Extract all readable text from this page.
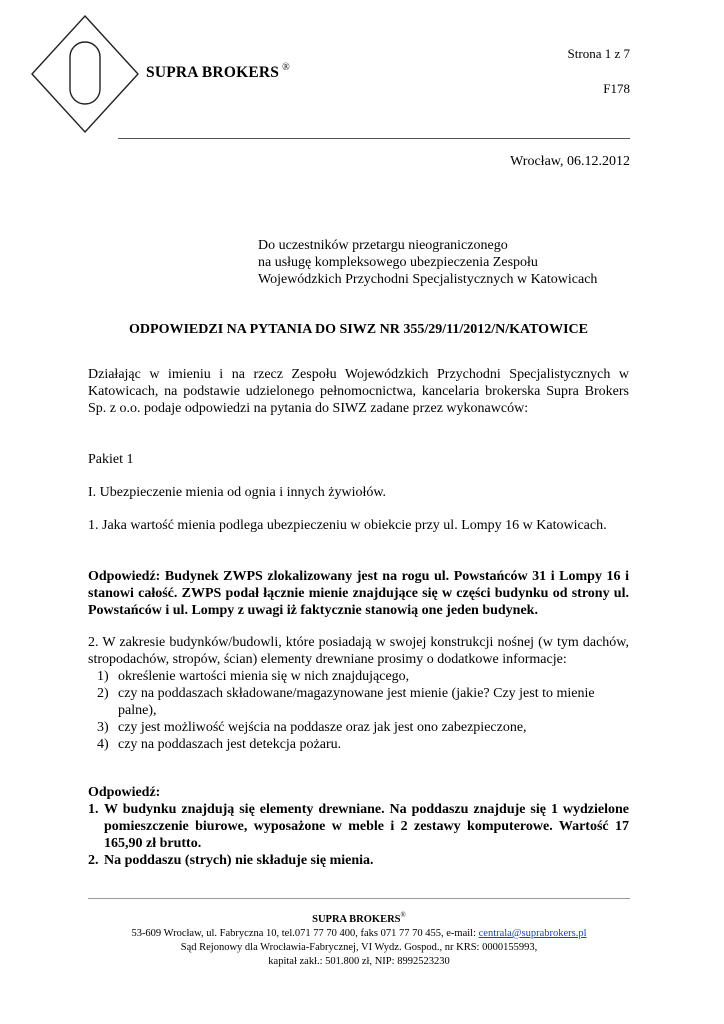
SUPRA BROKERS ®
Strona 1 z 7
F178
Wrocław, 06.12.2012
Do uczestników przetargu nieograniczonego
na usługę kompleksowego ubezpieczenia Zespołu
Wojewódzkich Przychodni Specjalistycznych w Katowicach
ODPOWIEDZI NA PYTANIA DO SIWZ NR 355/29/11/2012/N/KATOWICE
Działając w imieniu i na rzecz Zespołu Wojewódzkich Przychodni Specjalistycznych w Katowicach, na podstawie udzielonego pełnomocnictwa, kancelaria brokerska Supra Brokers Sp. z o.o. podaje odpowiedzi na pytania do SIWZ zadane przez wykonawców:
Pakiet 1
I. Ubezpieczenie mienia od ognia i innych żywiołów.
1. Jaka wartość mienia podlega ubezpieczeniu w obiekcie przy ul. Lompy 16 w Katowicach.
Odpowiedź: Budynek ZWPS zlokalizowany jest na rogu ul. Powstańców 31 i Lompy 16 i stanowi całość. ZWPS podał łącznie mienie znajdujące się w części budynku od strony ul. Powstańców i ul. Lompy z uwagi iż faktycznie stanowią one jeden budynek.
2. W zakresie budynków/budowli, które posiadają w swojej konstrukcji nośnej (w tym dachów, stropodachów, stropów, ścian) elementy drewniane prosimy o dodatkowe informacje:
1) określenie wartości mienia się w nich znajdującego,
2) czy na poddaszach składowane/magazynowane jest mienie (jakie? Czy jest to mienie palne),
3) czy jest możliwość wejścia na poddasze oraz jak jest ono zabezpieczone,
4) czy na poddaszach jest detekcja pożaru.
Odpowiedź:
1. W budynku znajdują się elementy drewniane. Na poddaszu znajduje się 1 wydzielone pomieszczenie biurowe, wyposażone w meble i 2 zestawy komputerowe. Wartość 17 165,90 zł brutto.
2. Na poddaszu (strych) nie składuje się mienia.
SUPRA BROKERS®
53-609 Wrocław, ul. Fabryczna 10, tel.071 77 70 400, faks 071 77 70 455, e-mail: centrala@suprabrokers.pl
Sąd Rejonowy dla Wrocławia-Fabrycznej, VI Wydz. Gospod., nr KRS: 0000155993,
kapitał zakł.: 501.800 zł, NIP: 8992523230
